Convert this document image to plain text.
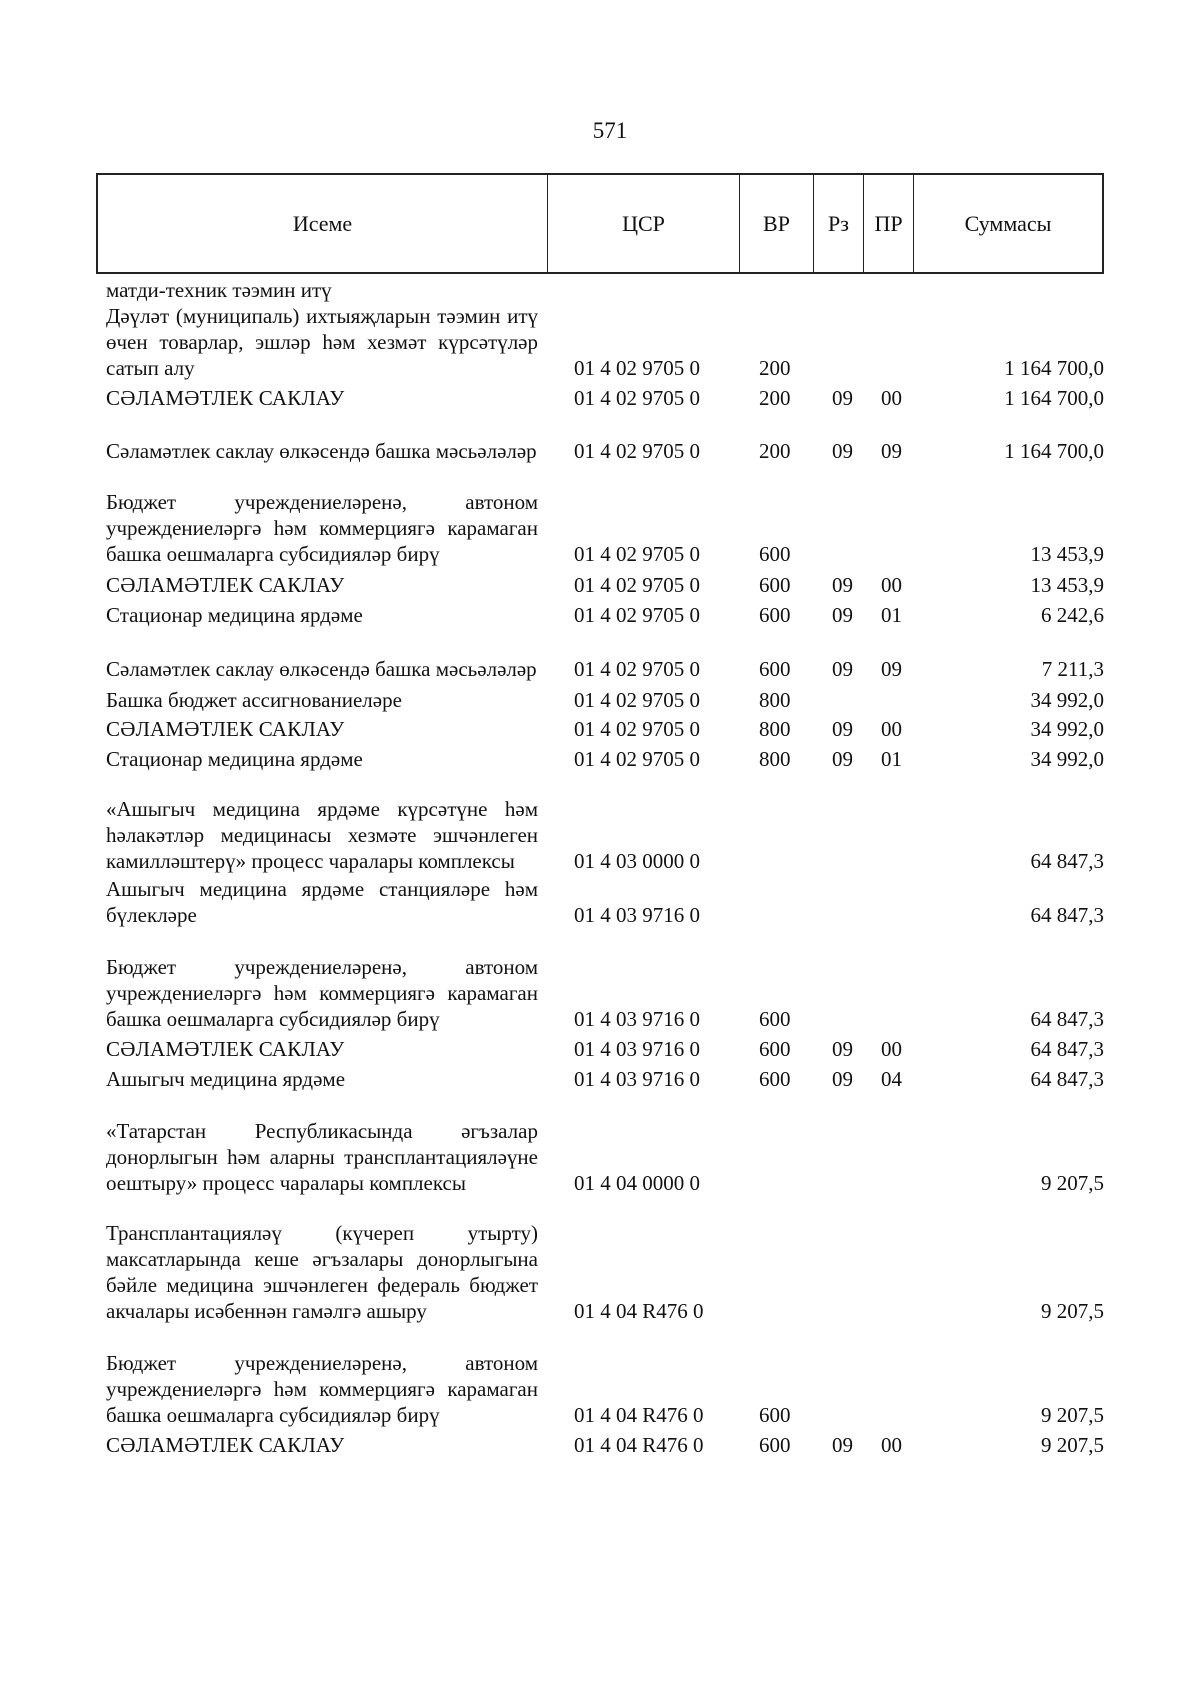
571
Исеме	ЦСР	ВР	Рз	ПР	Суммасы
матди-техник тәэмин итү
Дәүләт (муниципаль) ихтыяҗларын тәэмин итү өчен товарлар, эшләр һәм хезмәт күрсәтүләр сатып алу	01 4 02 9705 0	200	1 164 700,0
СӘЛАМӘТЛЕК САКЛАУ	01 4 02 9705 0	200 09 00	1 164 700,0
Сәламәтлек саклау өлкәсендә башка мәсьәләләр 01 4 02 9705 0	200 09 09	1 164 700,0
Бюджет учреждениеләренә, автоном учреждениеләргә һәм коммерциягә карамаган башка оешмаларга субсидияләр бирү	01 4 02 9705 0	600	13 453,9
СӘЛАМӘТЛЕК САКЛАУ	01 4 02 9705 0	600 09 00	13 453,9
Стационар медицина ярдәме	01 4 02 9705 0	600 09 01	6 242,6
Сәламәтлек саклау өлкәсендә башка мәсьәләләр 01 4 02 9705 0	600 09 09	7 211,3
Башка бюджет ассигнованиеләре	01 4 02 9705 0	800	34 992,0
СӘЛАМӘТЛЕК САКЛАУ	01 4 02 9705 0	800 09 00	34 992,0
Стационар медицина ярдәме	01 4 02 9705 0	800 09 01	34 992,0
«Ашыгыч медицина ярдәме күрсәтүне һәм һәлакәтләр медицинасы хезмәте эшчәнлеген камилләштерү» процесс чаралары комплексы	01 4 03 0000 0	64 847,3
Ашыгыч медицина ярдәме станцияләре һәм бүлекләре	01 4 03 9716 0	64 847,3
Бюджет учреждениеләренә, автоном учреждениеләргә һәм коммерциягә карамаган башка оешмаларга субсидияләр бирү	01 4 03 9716 0	600	64 847,3
СӘЛАМӘТЛЕК САКЛАУ	01 4 03 9716 0	600 09 00	64 847,3
Ашыгыч медицина ярдәме	01 4 03 9716 0	600 09 04	64 847,3
«Татарстан Республикасында әгъзалар донорлыгын һәм аларны трансплантацияләүне оештыру» процесс чаралары комплексы	01 4 04 0000 0	9 207,5
Трансплантацияләү (күчереп утырту) максатларында кеше әгъзалары донорлыгына бәйле медицина эшчәнлеген федераль бюджет акчалары исәбеннән гамәлгә ашыру	01 4 04 R476 0	9 207,5
Бюджет учреждениеләренә, автоном учреждениеләргә һәм коммерциягә карамаган башка оешмаларга субсидияләр бирү	01 4 04 R476 0	600	9 207,5
СӘЛАМӘТЛЕК САКЛАУ	01 4 04 R476 0	600 09 00	9 207,5
